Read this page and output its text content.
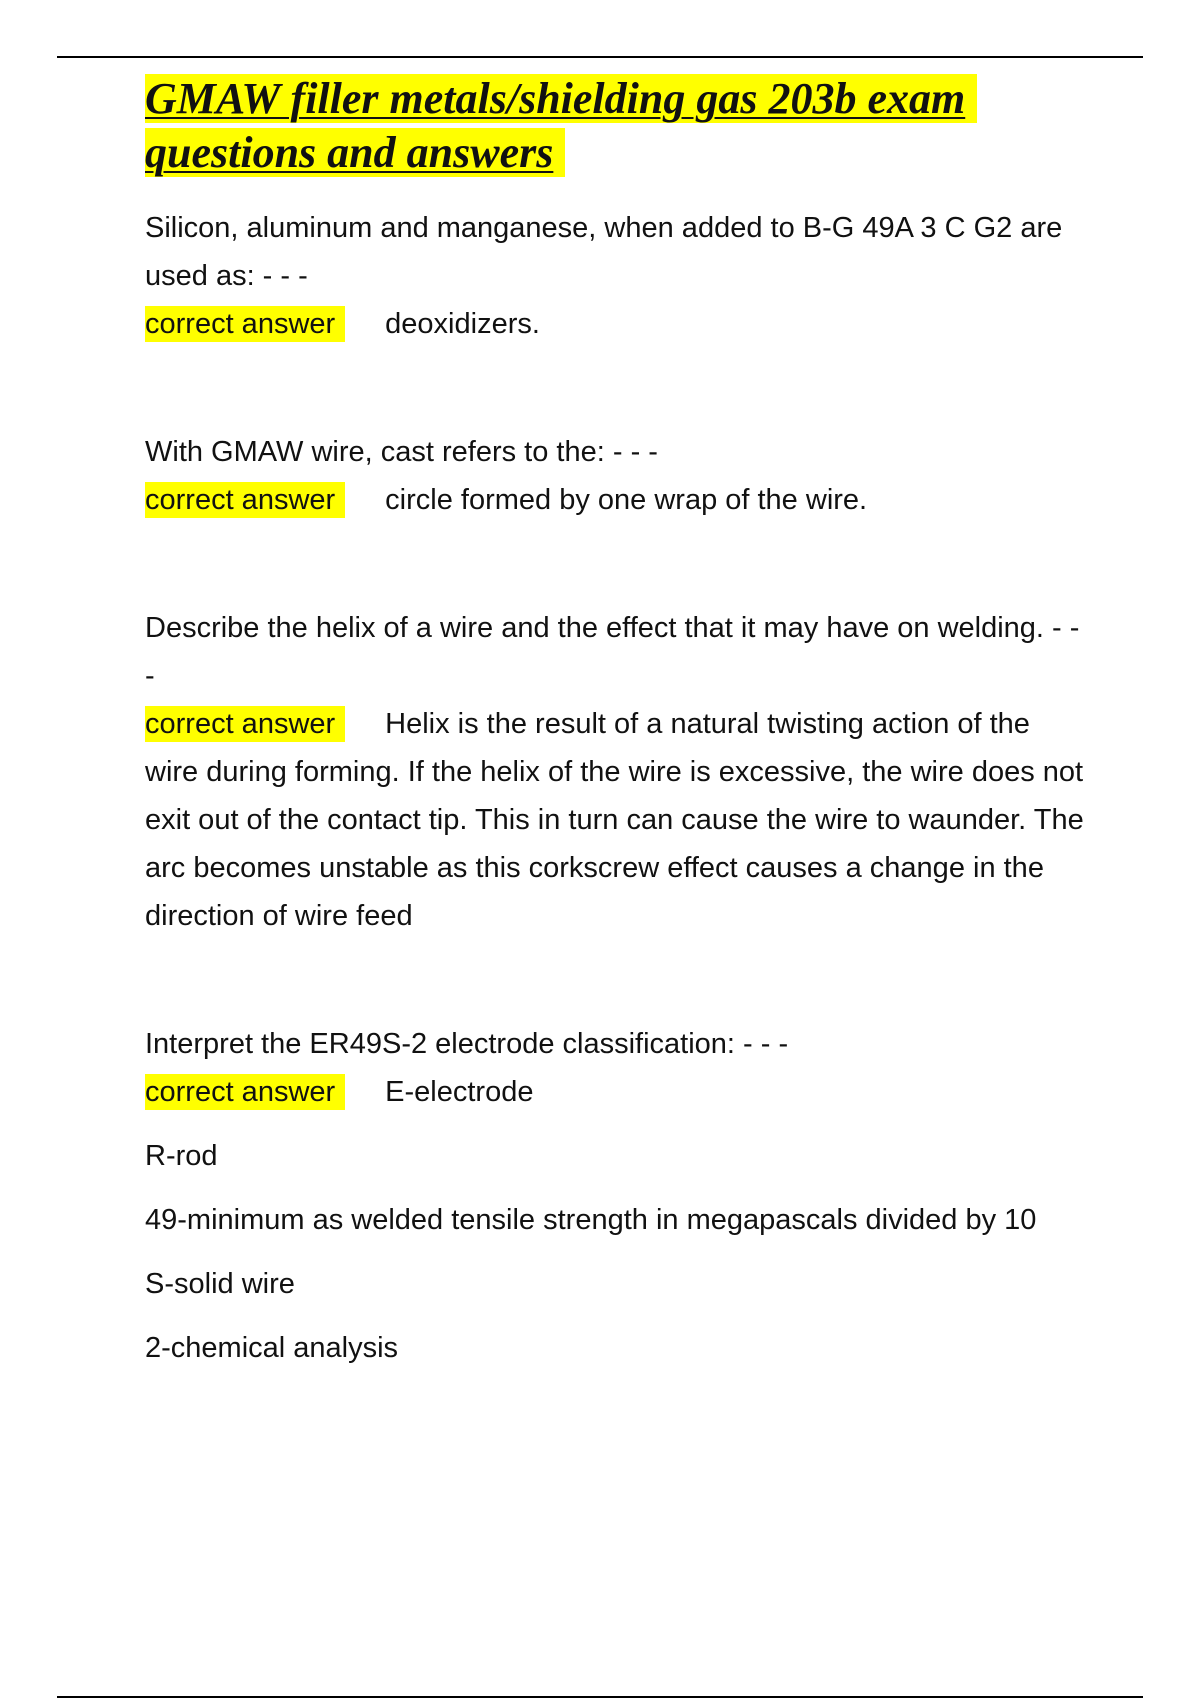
GMAW filler metals/shielding gas 203b exam questions and answers

Silicon, aluminum and manganese, when added to B-G 49A 3 C G2 are used as: - - -

correct answer deoxidizers.

With GMAW wire, cast refers to the: - - -

correct answer circle formed by one wrap of the wire.

Describe the helix of a wire and the effect that it may have on welding. - - -

correct answer Helix is the result of a natural twisting action of the wire during forming. If the helix of the wire is excessive, the wire does not exit out of the contact tip. This in turn can cause the wire to waunder. The arc becomes unstable as this corkscrew effect causes a change in the direction of wire feed

Interpret the ER49S-2 electrode classification: - - -

correct answer E-electrode

R-rod

49-minimum as welded tensile strength in megapascals divided by 10

S-solid wire

2-chemical analysis
